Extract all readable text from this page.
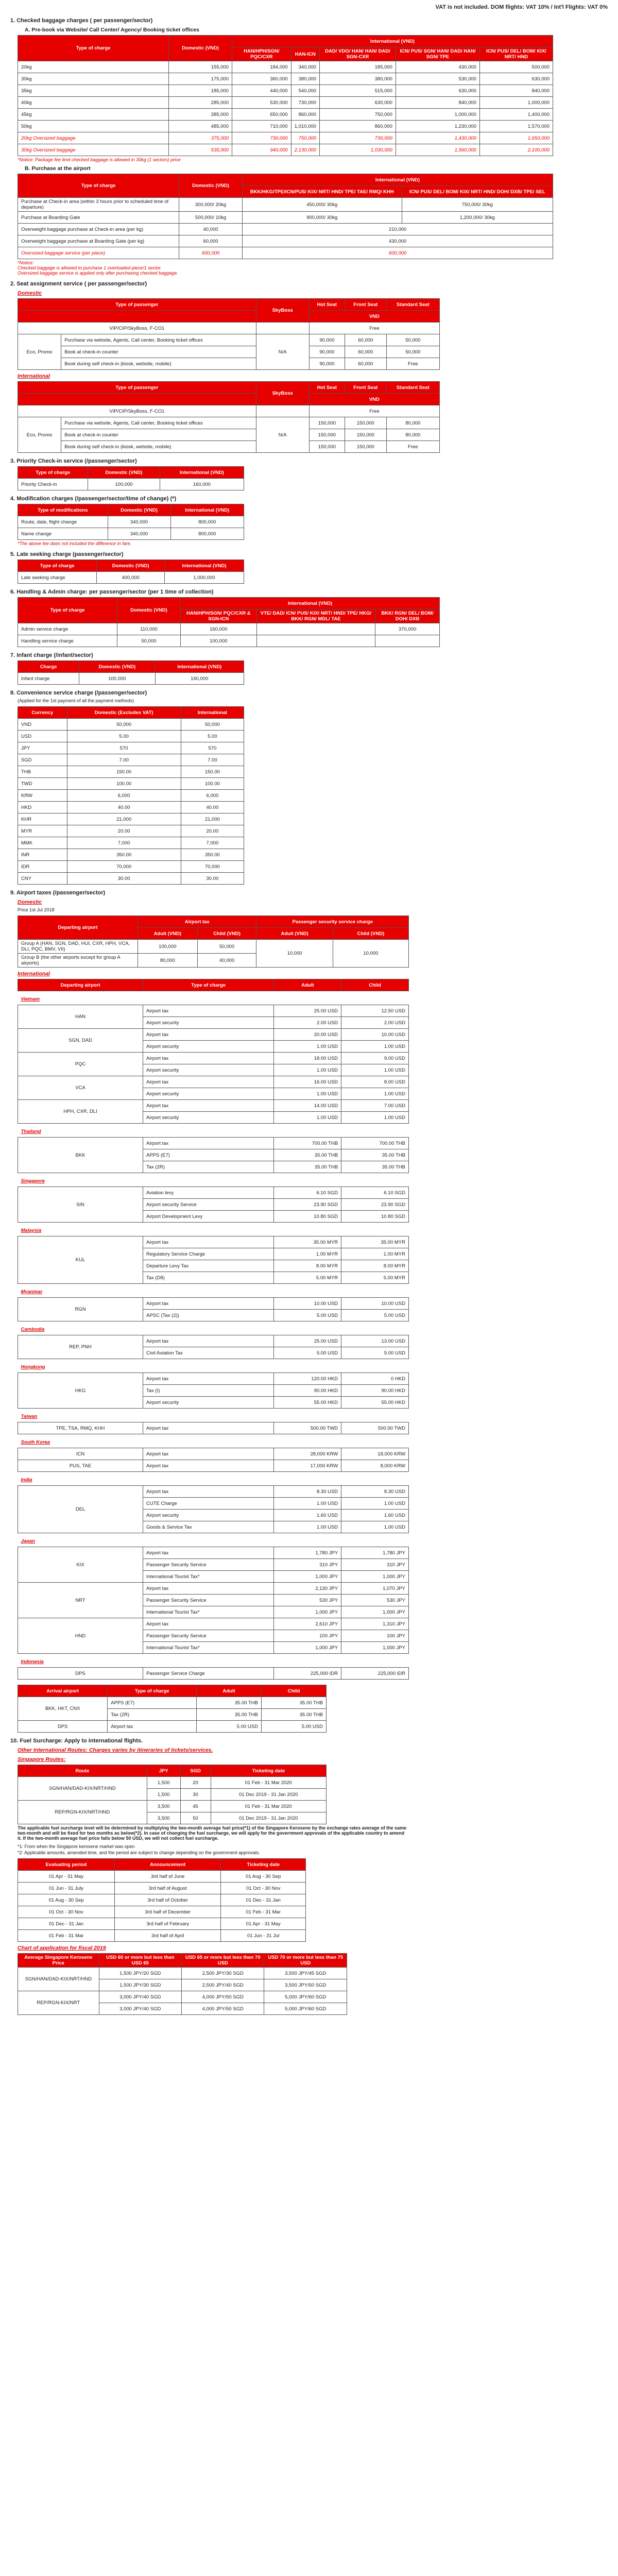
VAT is not included. DOM flights: VAT 10% / Int'l Flights: VAT 0%
1. Checked baggage charges ( per passenger/sector)
A. Pre-book via Website/ Call Center/ Agency/ Booking ticket offices
Type of charge	Domestic (VND)	International (VND)				
		HAN/HPH/SGN/ PQC/CXR	HAN-ICN	DAD/ VDO/ HAN/ HAN/ DAD/ SGN-CXR	ICN/ PUS/ SGN/ HAN/ DAD/ HAN/ SGN/ TPE	ICN/ PUS/ DEL/ BOM/ KIX/ NRT/ HND
20kg	155,000	184,000	340,000	185,000	430,000	500,000
30kg	175,000	360,000	380,000	380,000	530,000	630,000
35kg	185,000	440,000	540,000	515,000	630,000	840,000
40kg	285,000	530,000	730,000	630,000	840,000	1,000,000
45kg	385,000	650,000	860,000	750,000	1,000,000	1,400,000
50kg	485,000	710,000	1,010,000	860,000	1,230,000	1,570,000
20kg Oversized baggage	375,000	730,000	750,000	730,000	1,430,000	1,650,000
30kg Oversized baggage	535,000	940,000	2,130,000	1,030,000	1,560,000	2,100,000
*Notice: Package fee limit checked baggage is allowed in 30kg (1 sectors) price
B. Purchase at the airport
Type of charge	Domestic (VND)	International (VND)	
		BKK/HKG/TPE/ICN/PUS/ KIX/ NRT/ HND/ TPE/ TAE/ RMQ/ KHH	ICN/ PUS/ DEL/ BOM/ KIX/ NRT/ HND/ DOH/ DXB/ TPE/ SEL
Purchase at Check-in area (within 3 hours prior to scheduled time of departure)	300,000/ 20kg	450,000/ 30kg	750,000/ 30kg
Purchase at Boarding Gate	500,000/ 10kg	900,000/ 30kg	1,200,000/ 30kg
Overweight baggage purchase at Check-in area (per kg)	40,000	210,000	
Overweight baggage purchase at Boarding Gate (per kg)	60,000	430,000	
Oversized baggage service (per piece)	600,000	600,000	
*Notice:
Checked baggage is allowed to purchase 1 overloaded piece/1 sector.
Oversized baggage service is applied only after purchasing checked baggage.
2. Seat assignment service ( per passenger/sector)
Domestic
Type of passenger		SkyBoss	Hot Seat	Front Seat	Standard Seat
			VND		
VIP/CIP/SkyBoss, F-CO1			Free		
Eco, Promo	Purchase via website, Agents, Call center, Booking ticket offices	N/A	90,000	60,000	50,000
	Book at check-in counter		90,000	60,000	50,000
	Book during self check-in (kiosk, website, mobile)		90,000	60,000	Free
International
Type of passenger		SkyBoss	Hot Seat	Front Seat	Standard Seat
			VND		
VIP/CIP/SkyBoss, F-CO1			Free		
Eco, Promo	Purchase via website, Agents, Call center, Booking ticket offices	N/A	150,000	150,000	80,000
	Book at check-in counter		150,000	150,000	80,000
	Book during self check-in (kiosk, website, mobile)		150,000	150,000	Free
3. Priority Check-in service (/passenger/sector)
Type of charge	Domestic (VND)	International (VND)
Priority Check-in	100,000	160,000
4. Modification charges (/passenger/sector/time of change) (*)
Type of modifications	Domestic (VND)	International (VND)
Route, date, flight change	340,000	800,000
Name change	340,000	800,000
*The above fee does not included the difference in fare.
5. Late seeking charge (passenger/sector)
Type of charge	Domestic (VND)	International (VND)
Late seeking charge	400,000	1,000,000
6. Handling & Admin charge: per passenger/sector (per 1 time of collection)
Type of charge	Domestic (VND)	International (VND)		
		HAN/HPH/SGN/ PQC/CXR & SGN-ICN	VTE/ DAD/ ICN/ PUS/ KIX/ NRT/ HND/ TPE/ HKG/ BKK/ RGN/ MDL/ TAE	BKK/ RGN/ DEL/ BOM/ DOH/ DXB
Admin service charge	110,000	160,000		370,000
Handling service charge	50,000	100,000		
7. Infant charge (/infant/sector)
Charge	Domestic (VND)	International (VND)
Infant charge	100,000	160,000
8. Convenience service charge (/passenger/sector)
(Applied for the 1st payment of all the payment methods)
Currency	Domestic (Excludes VAT)	International
VND	50,000	50,000
USD	5.00	5.00
JPY	570	570
SGD	7.00	7.00
THB	150.00	150.00
TWD	100.00	100.00
KRW	6,000	6,000
HKD	40.00	40.00
KHR	21,000	21,000
MYR	20.00	20.00
MMK	7,000	7,000
INR	350.00	350.00
IDR	70,000	70,000
CNY	30.00	30.00
9. Airport taxes (/passenger/sector)
Domestic
Price 1st Jul 2018
Departing airport	Airport tax		Passenger security service charge	
	Adult (VND)	Child (VND)	Adult (VND)	Child (VND)
Group A (HAN, SGN, DAD, HUI, CXR, HPH, VCA, DLI, PQC, BMV, VII)	100,000	50,000	10,000	10,000
Group B (the other airports except for group A airports)	80,000	40,000		
International
Departing airport	Type of charge	Adult	Child
Vietnam			
HAN	Airport tax	25.00 USD	12.50 USD
	Airport security	2.00 USD	2.00 USD
SGN, DAD	Airport tax	20.00 USD	10.00 USD
	Airport security	1.00 USD	1.00 USD
PQC	Airport tax	18.00 USD	9.00 USD
	Airport security	1.00 USD	1.00 USD
VCA	Airport tax	16.00 USD	8.00 USD
	Airport security	1.00 USD	1.00 USD
HPH, CXR, DLI	Airport tax	14.00 USD	7.00 USD
	Airport security	1.00 USD	1.00 USD
Thailand			
BKK	Airport tax	700.00 THB	700.00 THB
	APPS (E7)	35.00 THB	35.00 THB
	Tax (2R)	35.00 THB	35.00 THB
Singapore			
SIN	Aviation levy	6.10 SGD	6.10 SGD
	Airport security Service	23.90 SGD	23.90 SGD
	Airport Development Levy	10.80 SGD	10.80 SGD
Malaysia			
KUL	Airport tax	35.00 MYR	35.00 MYR
	Regulatory Service Charge	1.00 MYR	1.00 MYR
	Departure Levy Tax	8.00 MYR	8.00 MYR
	Tax (D8)	5.00 MYR	5.00 MYR
Myanmar			
RGN	Airport tax	10.00 USD	10.00 USD
	APSC (Tax (2))	5.00 USD	5.00 USD
Cambodia			
REP, PNH	Airport tax	25.00 USD	13.00 USD
	Civil Aviation Tax	5.00 USD	5.00 USD
Hongkong			
HKG	Airport tax	120.00 HKD	0 HKD
	Tax (I)	90.00 HKD	90.00 HKD
	Airport security	55.00 HKD	55.00 HKD
Taiwan			
TPE, TSA, RMQ, KHH	Airport tax	500.00 TWD	500.00 TWD
South Korea			
ICN	Airport tax	28,000 KRW	18,000 KRW
PUS, TAE	Airport tax	17,000 KRW	8,000 KRW
India			
DEL	Airport tax	8.30 USD	8.30 USD
	CUTE Charge	1.00 USD	1.00 USD
	Airport security	1.60 USD	1.60 USD
	Goods & Service Tax	1.00 USD	1.00 USD
Japan			
KIX	Airport tax	1,780 JPY	1,780 JPY
	Passenger Security Service	310 JPY	310 JPY
	International Tourist Tax*	1,000 JPY	1,000 JPY
NRT	Airport tax	2,130 JPY	1,070 JPY
	Passenger Security Service	530 JPY	530 JPY
	International Tourist Tax*	1,000 JPY	1,000 JPY
HND	Airport tax	2,610 JPY	1,310 JPY
	Passenger Security Service	100 JPY	100 JPY
	International Tourist Tax*	1,000 JPY	1,000 JPY
Indonesia			
DPS	Passenger Service Charge	225,000 IDR	225,000 IDR
Arrival airport	Type of charge	Adult	Child
BKK, HKT, CNX	APPS (E7)	35.00 THB	35.00 THB
	Tax (2R)	35.00 THB	35.00 THB
DPS	Airport tax	5.00 USD	5.00 USD
10. Fuel Surcharge: Apply to international flights.
Other International Routes: Charges varies by itineraries of tickets/services.
Singapore Routes:
Route	JPY	SGD	Ticketing date
SGN/HAN/DAD-KIX/NRT/HND	1,500	20	01 Feb - 31 Mar 2020
	1,500	30	01 Dec 2019 - 31 Jan 2020
REP/RGN-KIX/NRT/HND	3,500	45	01 Feb - 31 Mar 2020
	3,500	50	01 Dec 2019 - 31 Jan 2020
The applicable fuel surcharge level will be determined by multiplying the two-month average fuel price(*1) of the Singapore Kerosene by the exchange rates average of the same two-month and will be fixed for two months as below(*2). In case of changing the fuel surcharge, we will apply for the government approvals of the applicable country to amend it. If the two-month average fuel price falls below 50 USD, we will not collect fuel surcharge.
*1: From when the Singapore kerosene market was open
*2: Applicable amounts, amended time, and the period are subject to change depending on the government approvals.
Evaluating period	Announcement	Ticketing date
01 Apr - 31 May	3rd half of June	01 Aug - 30 Sep
01 Jun - 31 July	3rd half of August	01 Oct - 30 Nov
01 Aug - 30 Sep	3rd half of October	01 Dec - 31 Jan
01 Oct - 30 Nov	3rd half of December	01 Feb - 31 Mar
01 Dec - 31 Jan	3rd half of February	01 Apr - 31 May
01 Feb - 31 Mar	3rd half of April	01 Jun - 31 Jul
Chart of application for fiscal 2019
Average Singapore Kerosene Price	USD 60 or more but less than USD 65	USD 65 or more but less than 70 USD	USD 70 or more but less than 75 USD
SGN/HAN/DAD-KIX/NRT/HND	1,500 JPY/20 SGD	2,500 JPY/30 SGD	3,500 JPY/45 SGD
	1,500 JPY/30 SGD	2,500 JPY/40 SGD	3,500 JPY/50 SGD
REP/RGN-KIX/NRT	3,000 JPY/40 SGD	4,000 JPY/50 SGD	5,000 JPY/60 SGD
	3,000 JPY/40 SGD	4,000 JPY/50 SGD	5,000 JPY/60 SGD
